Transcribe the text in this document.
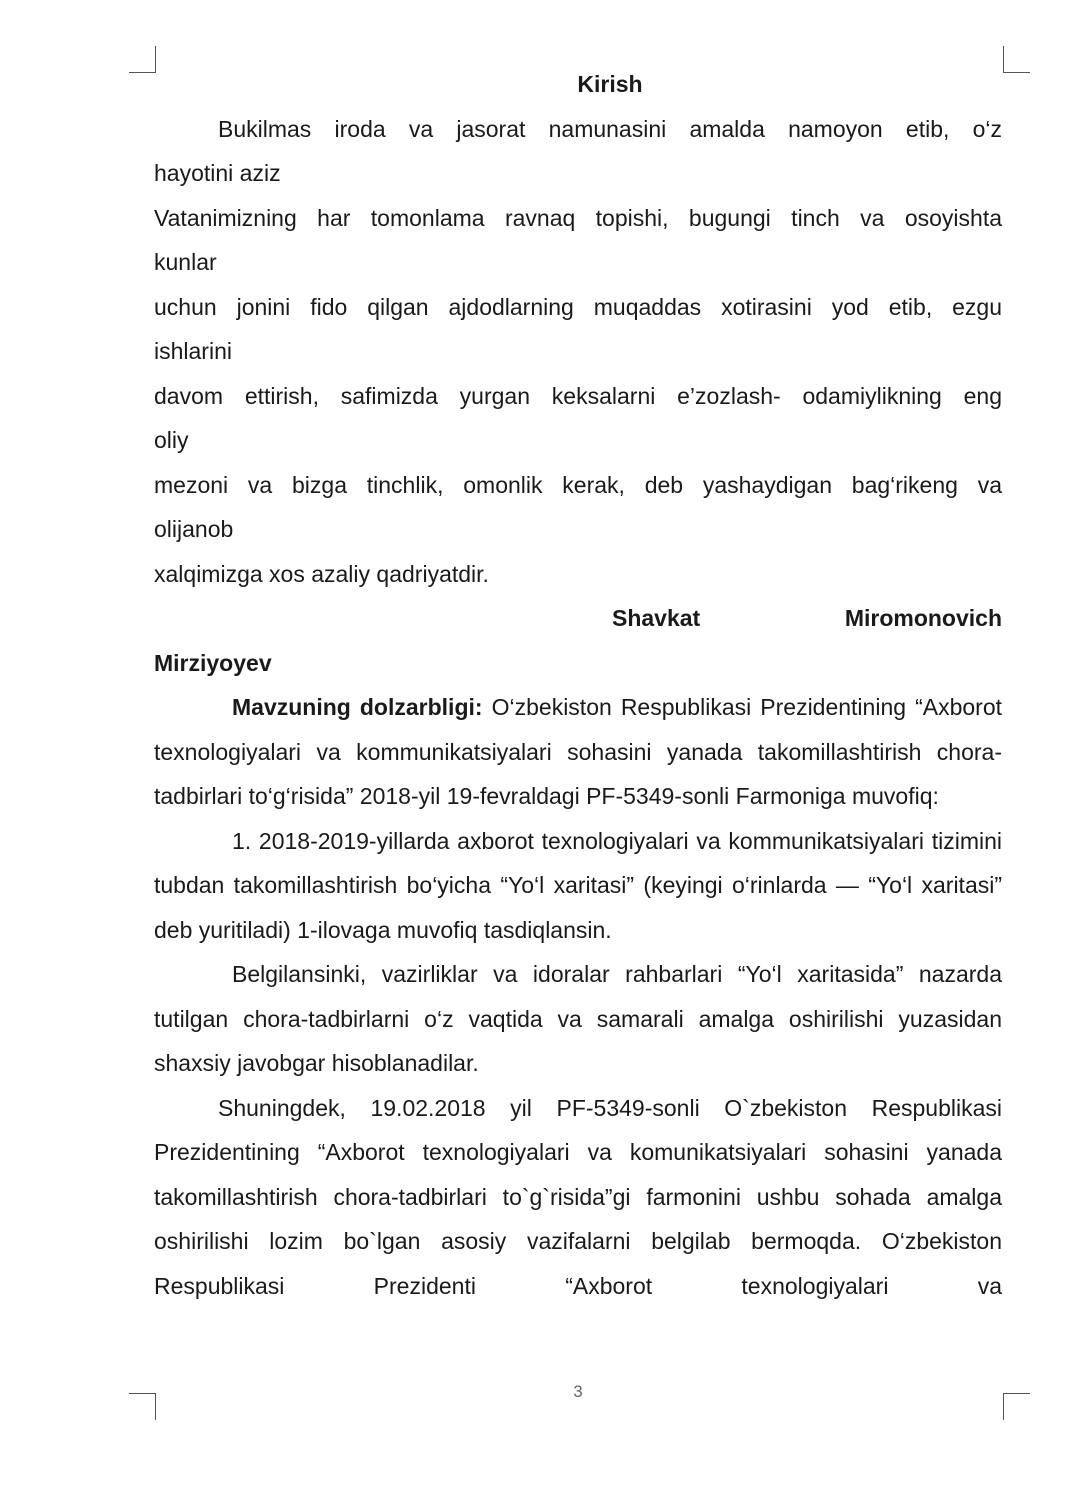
Kirish

Bukilmas iroda va jasorat namunasini amalda namoyon etib, o‘z

hayotini aziz

Vatanimizning har tomonlama ravnaq topishi, bugungi tinch va osoyishta

kunlar

uchun jonini fido qilgan ajdodlarning muqaddas xotirasini yod etib, ezgu

ishlarini

davom ettirish, safimizda yurgan keksalarni e’zozlash- odamiylikning eng

oliy

mezoni va bizga tinchlik, omonlik kerak, deb yashaydigan bag‘rikeng va

olijanob

xalqimizga xos azaliy qadriyatdir.

Shavkat	Miromonovich

Mirziyoyev

Mavzuning dolzarbligi: O‘zbekiston Respublikasi Prezidentining “Axborot texnologiyalari va kommunikatsiyalari sohasini yanada takomillashtirish chora-tadbirlari to‘g‘risida” 2018-yil 19-fevraldagi PF-5349-sonli Farmoniga muvofiq:

1. 2018-2019-yillarda axborot texnologiyalari va kommunikatsiyalari tizimini tubdan takomillashtirish bo‘yicha “Yo‘l xaritasi” (keyingi o‘rinlarda — “Yo‘l xaritasi” deb yuritiladi) 1-ilovaga muvofiq tasdiqlansin.

Belgilansinki, vazirliklar va idoralar rahbarlari “Yo‘l xaritasida” nazarda tutilgan chora-tadbirlarni o‘z vaqtida va samarali amalga oshirilishi yuzasidan shaxsiy javobgar hisoblanadilar.

Shuningdek, 19.02.2018 yil PF-5349-sonli O`zbekiston Respublikasi Prezidentining “Axborot texnologiyalari va komunikatsiyalari sohasini yanada takomillashtirish chora-tadbirlari to`g`risida”gi farmonini ushbu sohada amalga oshirilishi lozim bo`lgan asosiy vazifalarni belgilab bermoqda. O‘zbekiston Respublikasi Prezidenti “Axborot texnologiyalari va

3
